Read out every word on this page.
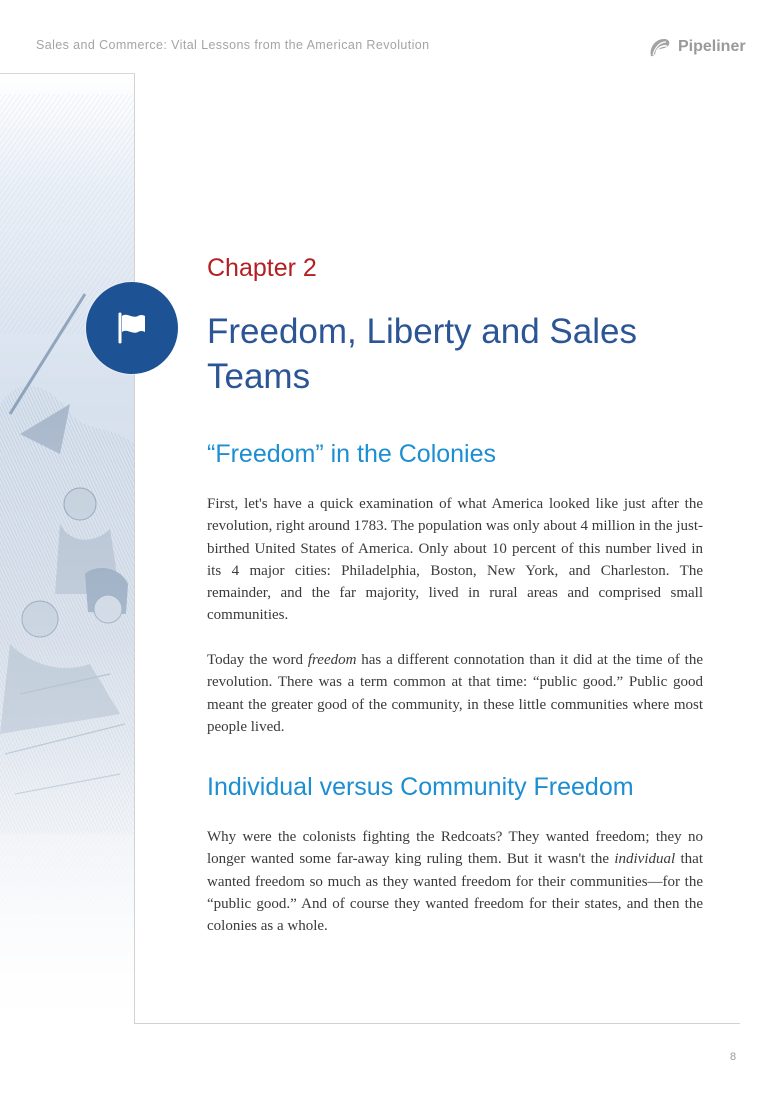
Sales and Commerce: Vital Lessons from the American Revolution	Pipeliner
Chapter 2
Freedom, Liberty and Sales
Teams
“Freedom” in the Colonies

First, let's have a quick examination of what America looked like just after the revolution, right around 1783. The population was only about 4 million in the just-birthed United States of America. Only about 10 percent of this number lived in its 4 major cities: Philadelphia, Boston, New York, and Charleston. The remainder, and the far majority, lived in rural areas and comprised small communities.

Today the word freedom has a different connotation than it did at the time of the revolution. There was a term common at that time: “public good.” Public good meant the greater good of the community, in these little communities where most people lived.

Individual versus Community Freedom

Why were the colonists fighting the Redcoats? They wanted freedom; they no longer wanted some far-away king ruling them. But it wasn't the individual that wanted freedom so much as they wanted freedom for their communities—for the “public good.” And of course they wanted freedom for their states, and then the colonies as a whole.

8
